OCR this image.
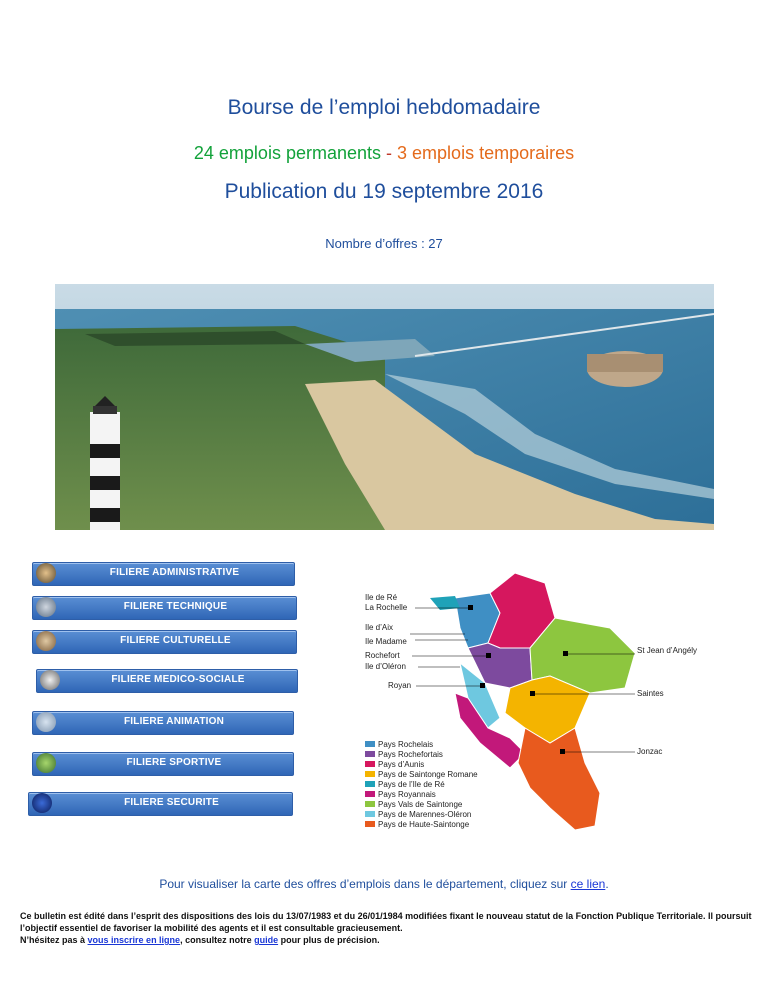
Bourse de l’emploi hebdomadaire
24 emplois permanents - 3 emplois temporaires
Publication du 19 septembre 2016
Nombre d’offres : 27
FILIERE ADMINISTRATIVE
FILIERE TECHNIQUE
FILIERE CULTURELLE
FILIERE MEDICO-SOCIALE
FILIERE ANIMATION
FILIERE SPORTIVE
FILIERE SECURITE
Ile de Ré
La Rochelle
Ile d’Aix
Ile Madame
Rochefort
Ile d’Oléron
St Jean d’Angély
Saintes
Royan
Jonzac
Pays Rochelais
Pays Rochefortais
Pays d’Aunis
Pays de Saintonge Romane
Pays de l’Ile de Ré
Pays Royannais
Pays Vals de Saintonge
Pays de Marennes-Oléron
Pays de Haute-Saintonge
Pour visualiser la carte des offres d’emplois dans le département, cliquez sur ce lien.
Ce bulletin est édité dans l’esprit des dispositions des lois du 13/07/1983 et du 26/01/1984 modifiées fixant le nouveau statut de la Fonction Publique Territoriale. Il poursuit l’objectif essentiel de favoriser la mobilité des agents et il est consultable gracieusement.
N’hésitez pas à vous inscrire en ligne, consultez notre guide pour plus de précision.
